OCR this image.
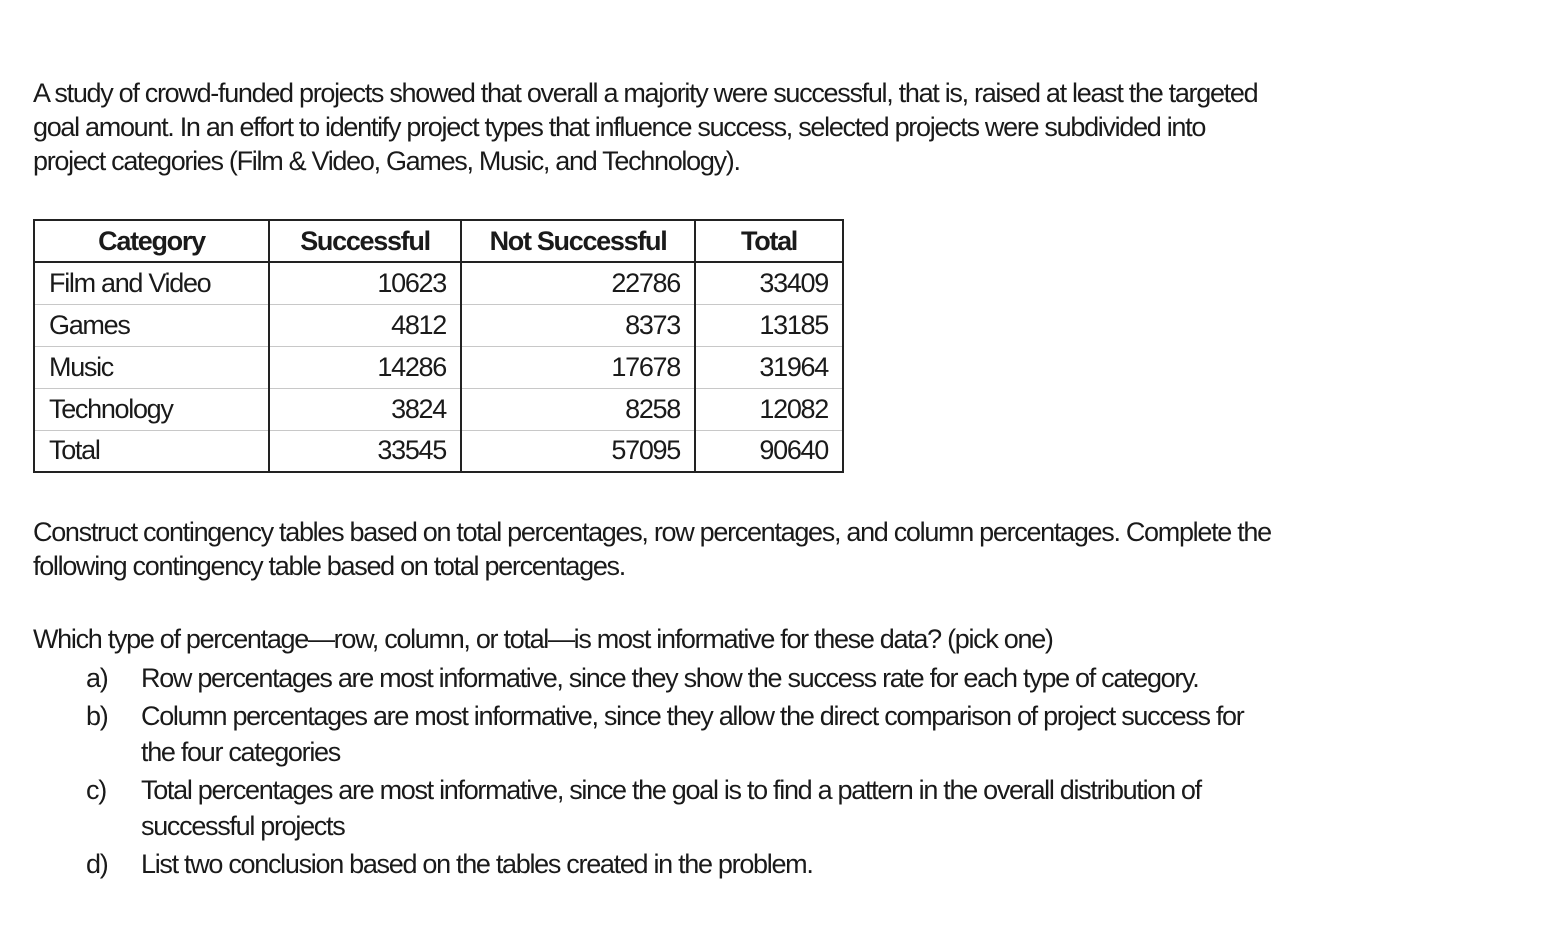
A study of crowd-funded projects showed that overall a majority were successful, that is, raised at least the targeted
goal amount. In an effort to identify project types that influence success, selected projects were subdivided into
project categories (Film & Video, Games, Music, and Technology).
Category	Successful	Not Successful	Total
Film and Video	10623	22786	33409
Games	4812	8373	13185
Music	14286	17678	31964
Technology	3824	8258	12082
Total	33545	57095	90640
Construct contingency tables based on total percentages, row percentages, and column percentages. Complete the
following contingency table based on total percentages.
Which type of percentage—row, column, or total—is most informative for these data? (pick one)
a)	Row percentages are most informative, since they show the success rate for each type of category.
b)	Column percentages are most informative, since they allow the direct comparison of project success for the four categories
c)	Total percentages are most informative, since the goal is to find a pattern in the overall distribution of successful projects
d)	List two conclusion based on the tables created in the problem.
